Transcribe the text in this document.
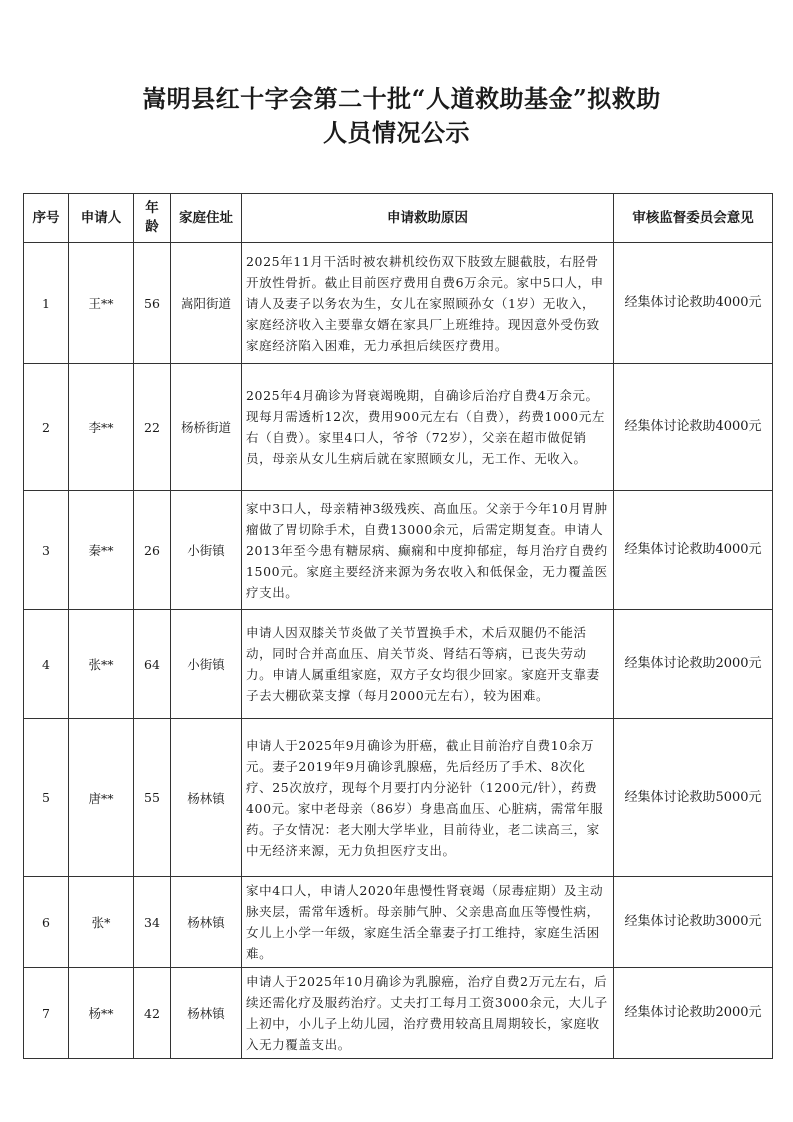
嵩明县红十字会第二十批“人道救助基金”拟救助
人员情况公示
序号	申请人	年龄	家庭住址	申请救助原因	审核监督委员会意见
1	王**	56	嵩阳街道	2025年11月干活时被农耕机绞伤双下肢致左腿截肢，右胫骨开放性骨折。截止目前医疗费用自费6万余元。家中5口人，申请人及妻子以务农为生，女儿在家照顾孙女（1岁）无收入，家庭经济收入主要靠女婿在家具厂上班维持。现因意外受伤致家庭经济陷入困难，无力承担后续医疗费用。	经集体讨论救助4000元
2	李**	22	杨桥街道	2025年4月确诊为肾衰竭晚期，自确诊后治疗自费4万余元。现每月需透析12次，费用900元左右（自费），药费1000元左右（自费）。家里4口人，爷爷（72岁），父亲在超市做促销员，母亲从女儿生病后就在家照顾女儿，无工作、无收入。	经集体讨论救助4000元
3	秦**	26	小街镇	家中3口人，母亲精神3级残疾、高血压。父亲于今年10月胃肿瘤做了胃切除手术，自费13000余元，后需定期复查。申请人2013年至今患有糖尿病、癫痫和中度抑郁症，每月治疗自费约1500元。家庭主要经济来源为务农收入和低保金，无力覆盖医疗支出。	经集体讨论救助4000元
4	张**	64	小街镇	申请人因双膝关节炎做了关节置换手术，术后双腿仍不能活动，同时合并高血压、肩关节炎、肾结石等病，已丧失劳动力。申请人属重组家庭，双方子女均很少回家。家庭开支靠妻子去大棚砍菜支撑（每月2000元左右），较为困难。	经集体讨论救助2000元
5	唐**	55	杨林镇	申请人于2025年9月确诊为肝癌，截止目前治疗自费10余万元。妻子2019年9月确诊乳腺癌，先后经历了手术、8次化疗、25次放疗，现每个月要打内分泌针（1200元/针），药费400元。家中老母亲（86岁）身患高血压、心脏病，需常年服药。子女情况：老大刚大学毕业，目前待业，老二读高三，家中无经济来源，无力负担医疗支出。	经集体讨论救助5000元
6	张*	34	杨林镇	家中4口人，申请人2020年患慢性肾衰竭（尿毒症期）及主动脉夹层，需常年透析。母亲肺气肿、父亲患高血压等慢性病，女儿上小学一年级，家庭生活全靠妻子打工维持，家庭生活困难。	经集体讨论救助3000元
7	杨**	42	杨林镇	申请人于2025年10月确诊为乳腺癌，治疗自费2万元左右，后续还需化疗及服药治疗。丈夫打工每月工资3000余元，大儿子上初中，小儿子上幼儿园，治疗费用较高且周期较长，家庭收入无力覆盖支出。	经集体讨论救助2000元
